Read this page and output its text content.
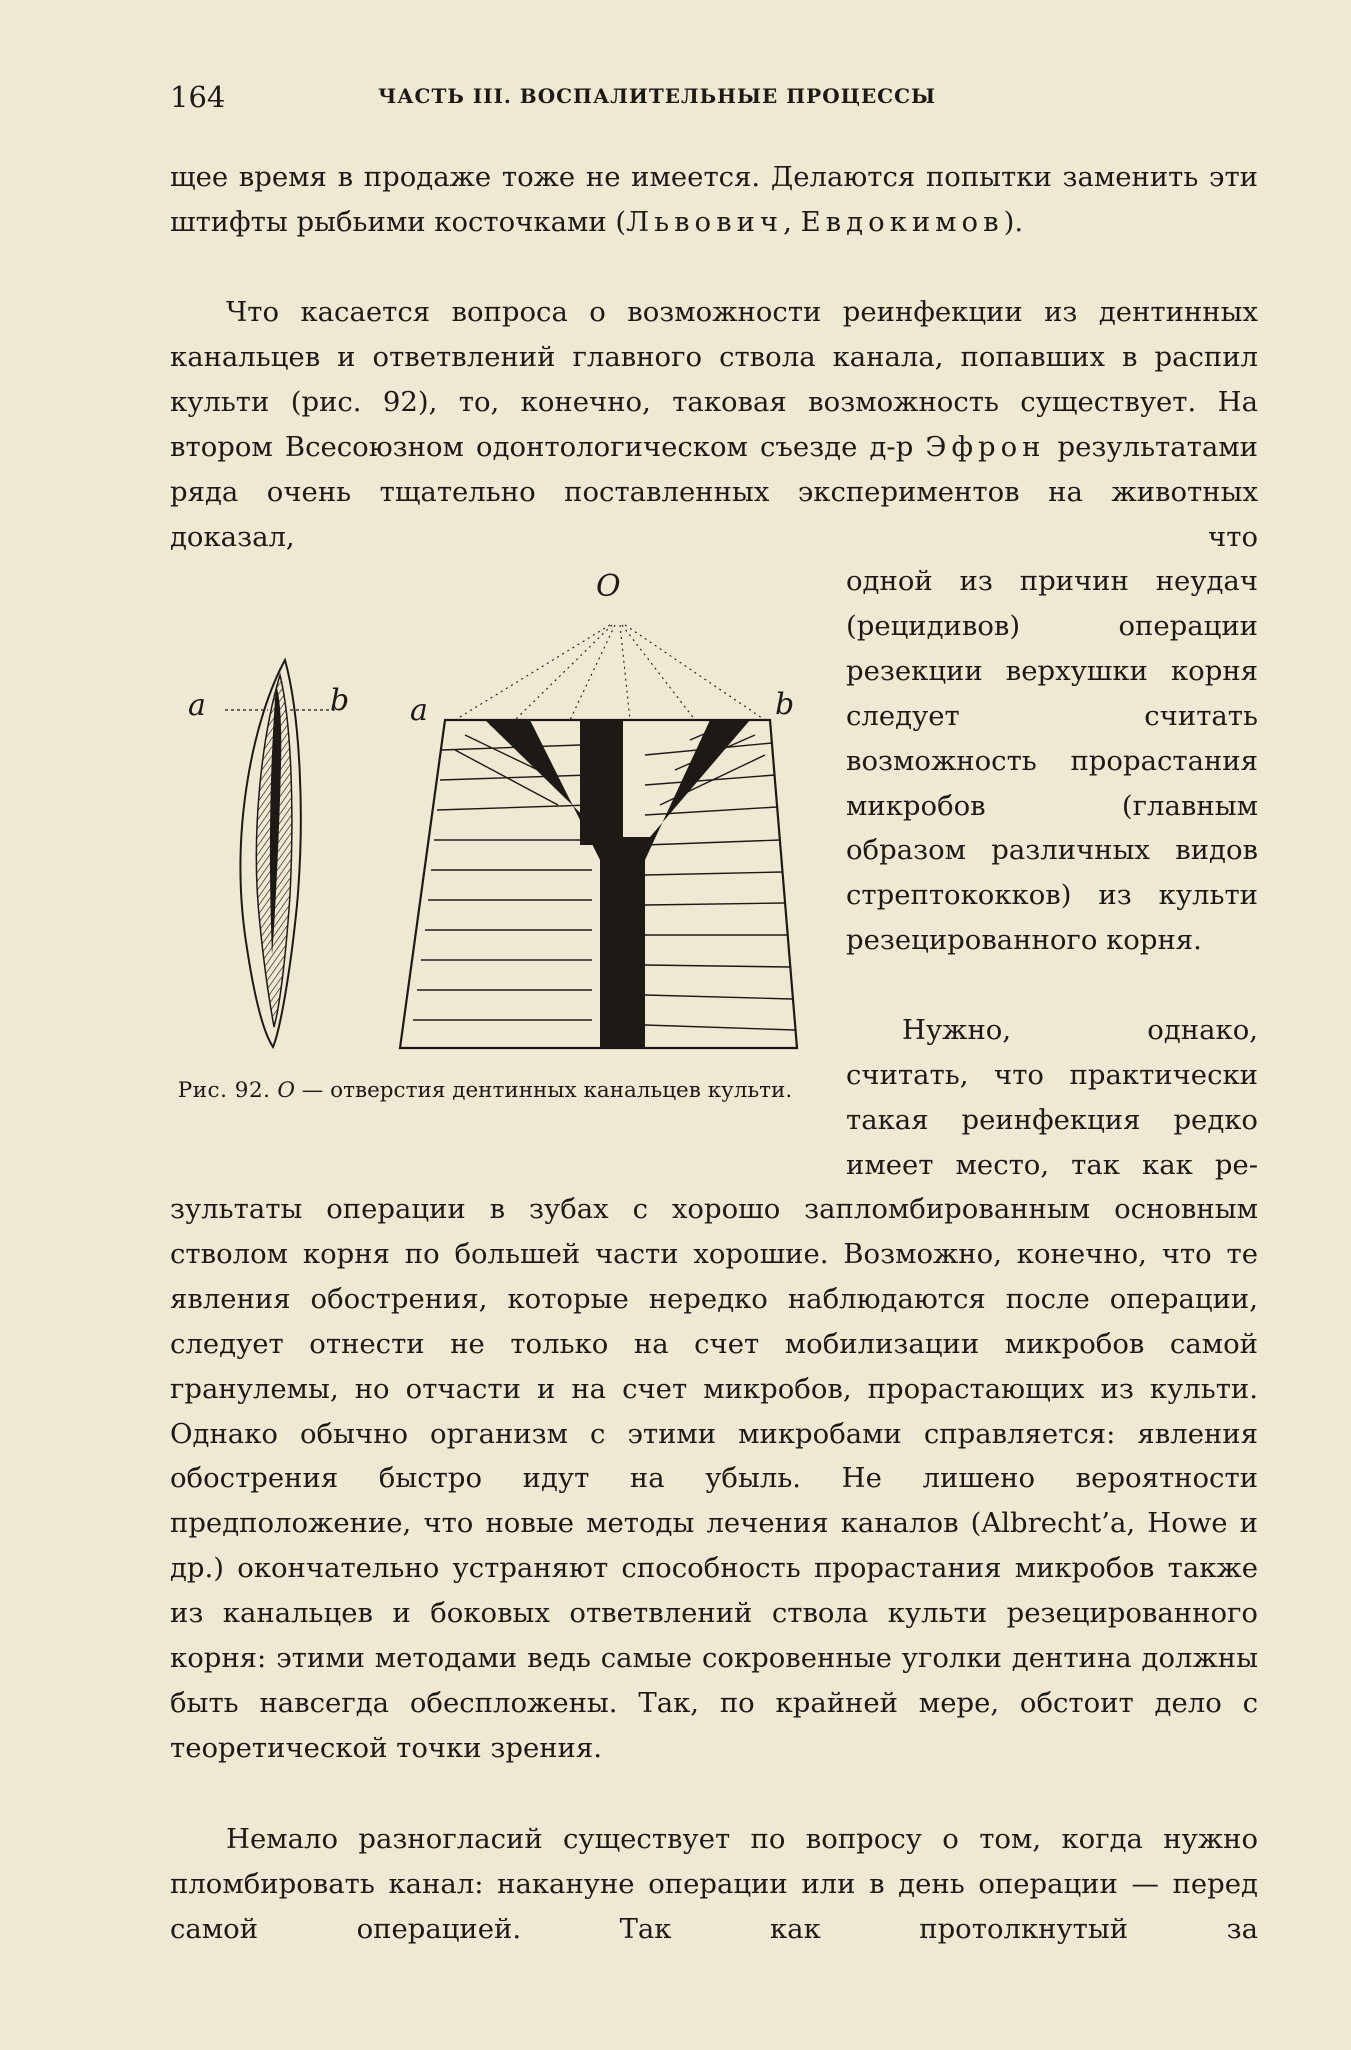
164	ЧАСТЬ III. ВОСПАЛИТЕЛЬНЫЕ ПРОЦЕССЫ

щее время в продаже тоже не имеется. Делаются попытки заменить эти штифты рыбьими косточками (Львович, Евдокимов).

Что касается вопроса о возможности реинфекции из дентинных канальцев и ответвлений главного ствола канала, попавших в распил культи (рис. 92), то, конечно, таковая возможность существует. На втором Всесоюзном одонтологическом съезде д-р Эфрон результатами ряда очень тщательно поставленных экспериментов на животных доказал, что

одной из причин неудач (рецидивов) операции резекции верхушки корня следует считать возможность прорастания микробов (главным образом различных видов стрептококков) из культи резецированного корня.

Нужно, однако, считать, что практически такая реинфекция редко имеет место, так как ре-

зультаты операции в зубах с хорошо запломбированным основным стволом корня по большей части хорошие. Возможно, конечно, что те явления обострения, которые нередко наблюдаются после операции, следует отнести не только на счет мобилизации микробов самой гранулемы, но отчасти и на счет микробов, прорастающих из культи. Однако обычно организм с этими микробами справляется: явления обострения быстро идут на убыль. Не лишено вероятности предположение, что новые методы лечения каналов (Albrecht’a, Howe и др.) окончательно устраняют способность прорастания микробов также из канальцев и боковых ответвлений ствола культи резецированного корня: этими методами ведь самые сокровенные уголки дентина должны быть навсегда обеспложены. Так, по крайней мере, обстоит дело с теоретической точки зрения.

Немало разногласий существует по вопросу о том, когда нужно пломбировать канал: накануне операции или в день операции — перед самой операцией. Так как протолкнутый за

O
a	b a	b
Рис. 92. O — отверстия дентинных канальцев культи.
